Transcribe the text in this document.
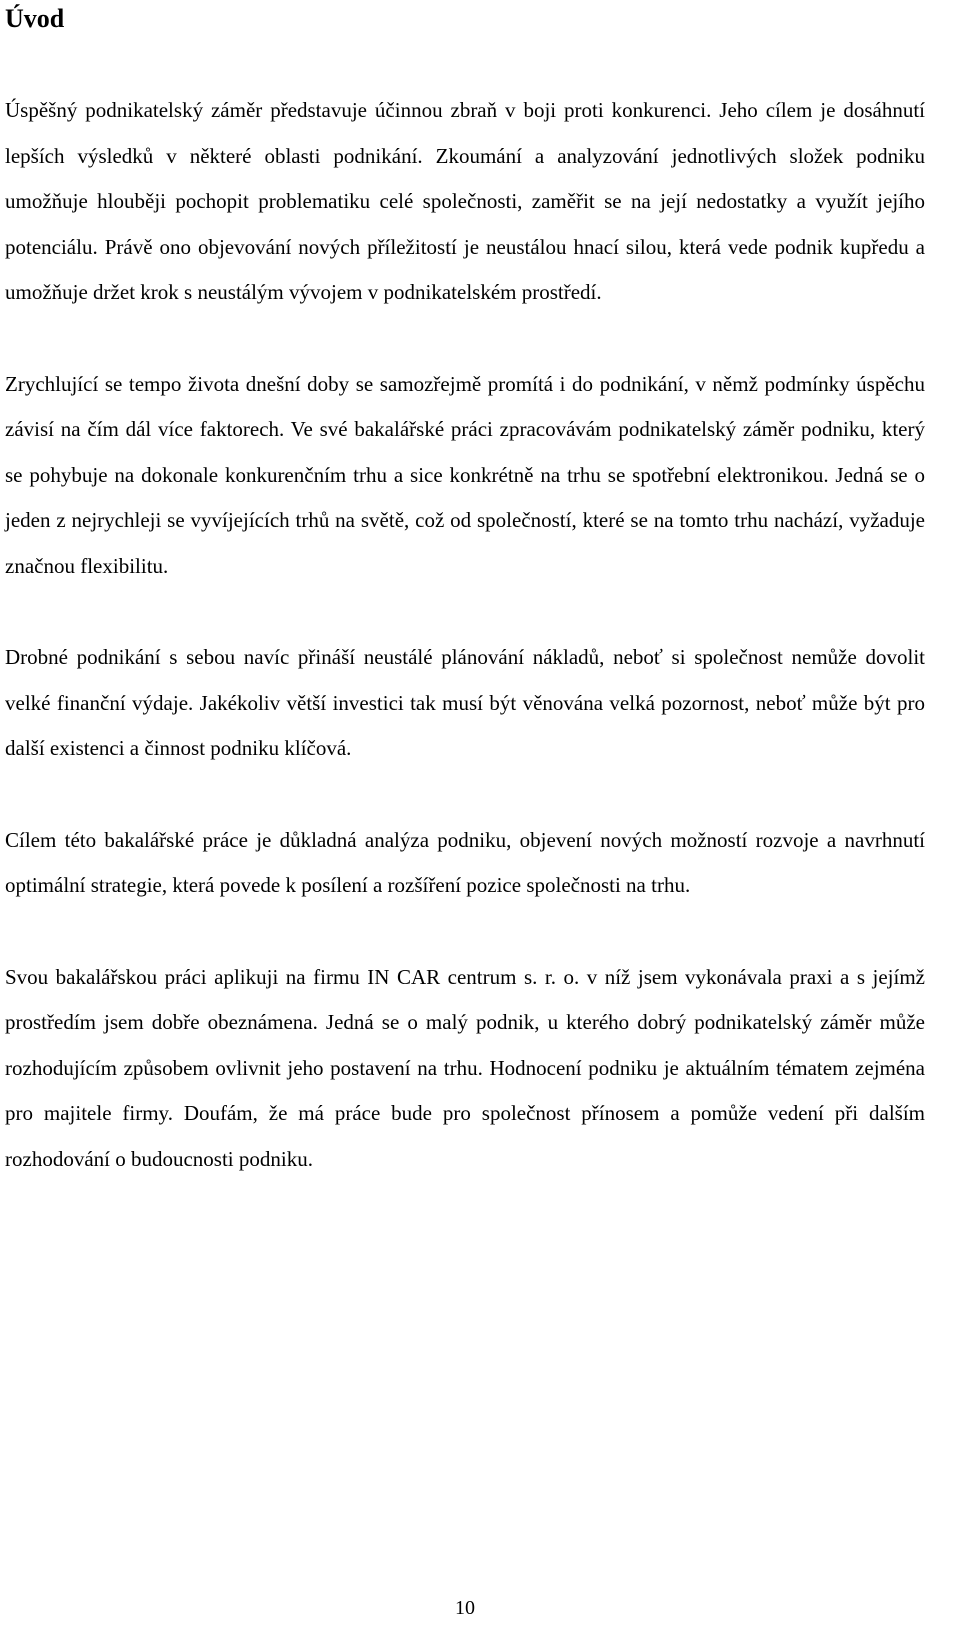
Úvod

Úspěšný podnikatelský záměr představuje účinnou zbraň v boji proti konkurenci. Jeho cílem je dosáhnutí lepších výsledků v některé oblasti podnikání. Zkoumání a analyzování jednotlivých složek podniku umožňuje hlouběji pochopit problematiku celé společnosti, zaměřit se na její nedostatky a využít jejího potenciálu. Právě ono objevování nových příležitostí je neustálou hnací silou, která vede podnik kupředu a umožňuje držet krok s neustálým vývojem v podnikatelském prostředí.

Zrychlující se tempo života dnešní doby se samozřejmě promítá i do podnikání, v němž podmínky úspěchu závisí na čím dál více faktorech. Ve své bakalářské práci zpracovávám podnikatelský záměr podniku, který se pohybuje na dokonale konkurenčním trhu a sice konkrétně na trhu se spotřební elektronikou. Jedná se o jeden z nejrychleji se vyvíjejících trhů na světě, což od společností, které se na tomto trhu nachází, vyžaduje značnou flexibilitu.

Drobné podnikání s sebou navíc přináší neustálé plánování nákladů, neboť si společnost nemůže dovolit velké finanční výdaje. Jakékoliv větší investici tak musí být věnována velká pozornost, neboť může být pro další existenci a činnost podniku klíčová.

Cílem této bakalářské práce je důkladná analýza podniku, objevení nových možností rozvoje a navrhnutí optimální strategie, která povede k posílení a rozšíření pozice společnosti na trhu.

Svou bakalářskou práci aplikuji na firmu IN CAR centrum s. r. o. v níž jsem vykonávala praxi a s jejímž prostředím jsem dobře obeznámena. Jedná se o malý podnik, u kterého dobrý podnikatelský záměr může rozhodujícím způsobem ovlivnit jeho postavení na trhu. Hodnocení podniku je aktuálním tématem zejména pro majitele firmy. Doufám, že má práce bude pro společnost přínosem a pomůže vedení při dalším rozhodování o budoucnosti podniku.

10
